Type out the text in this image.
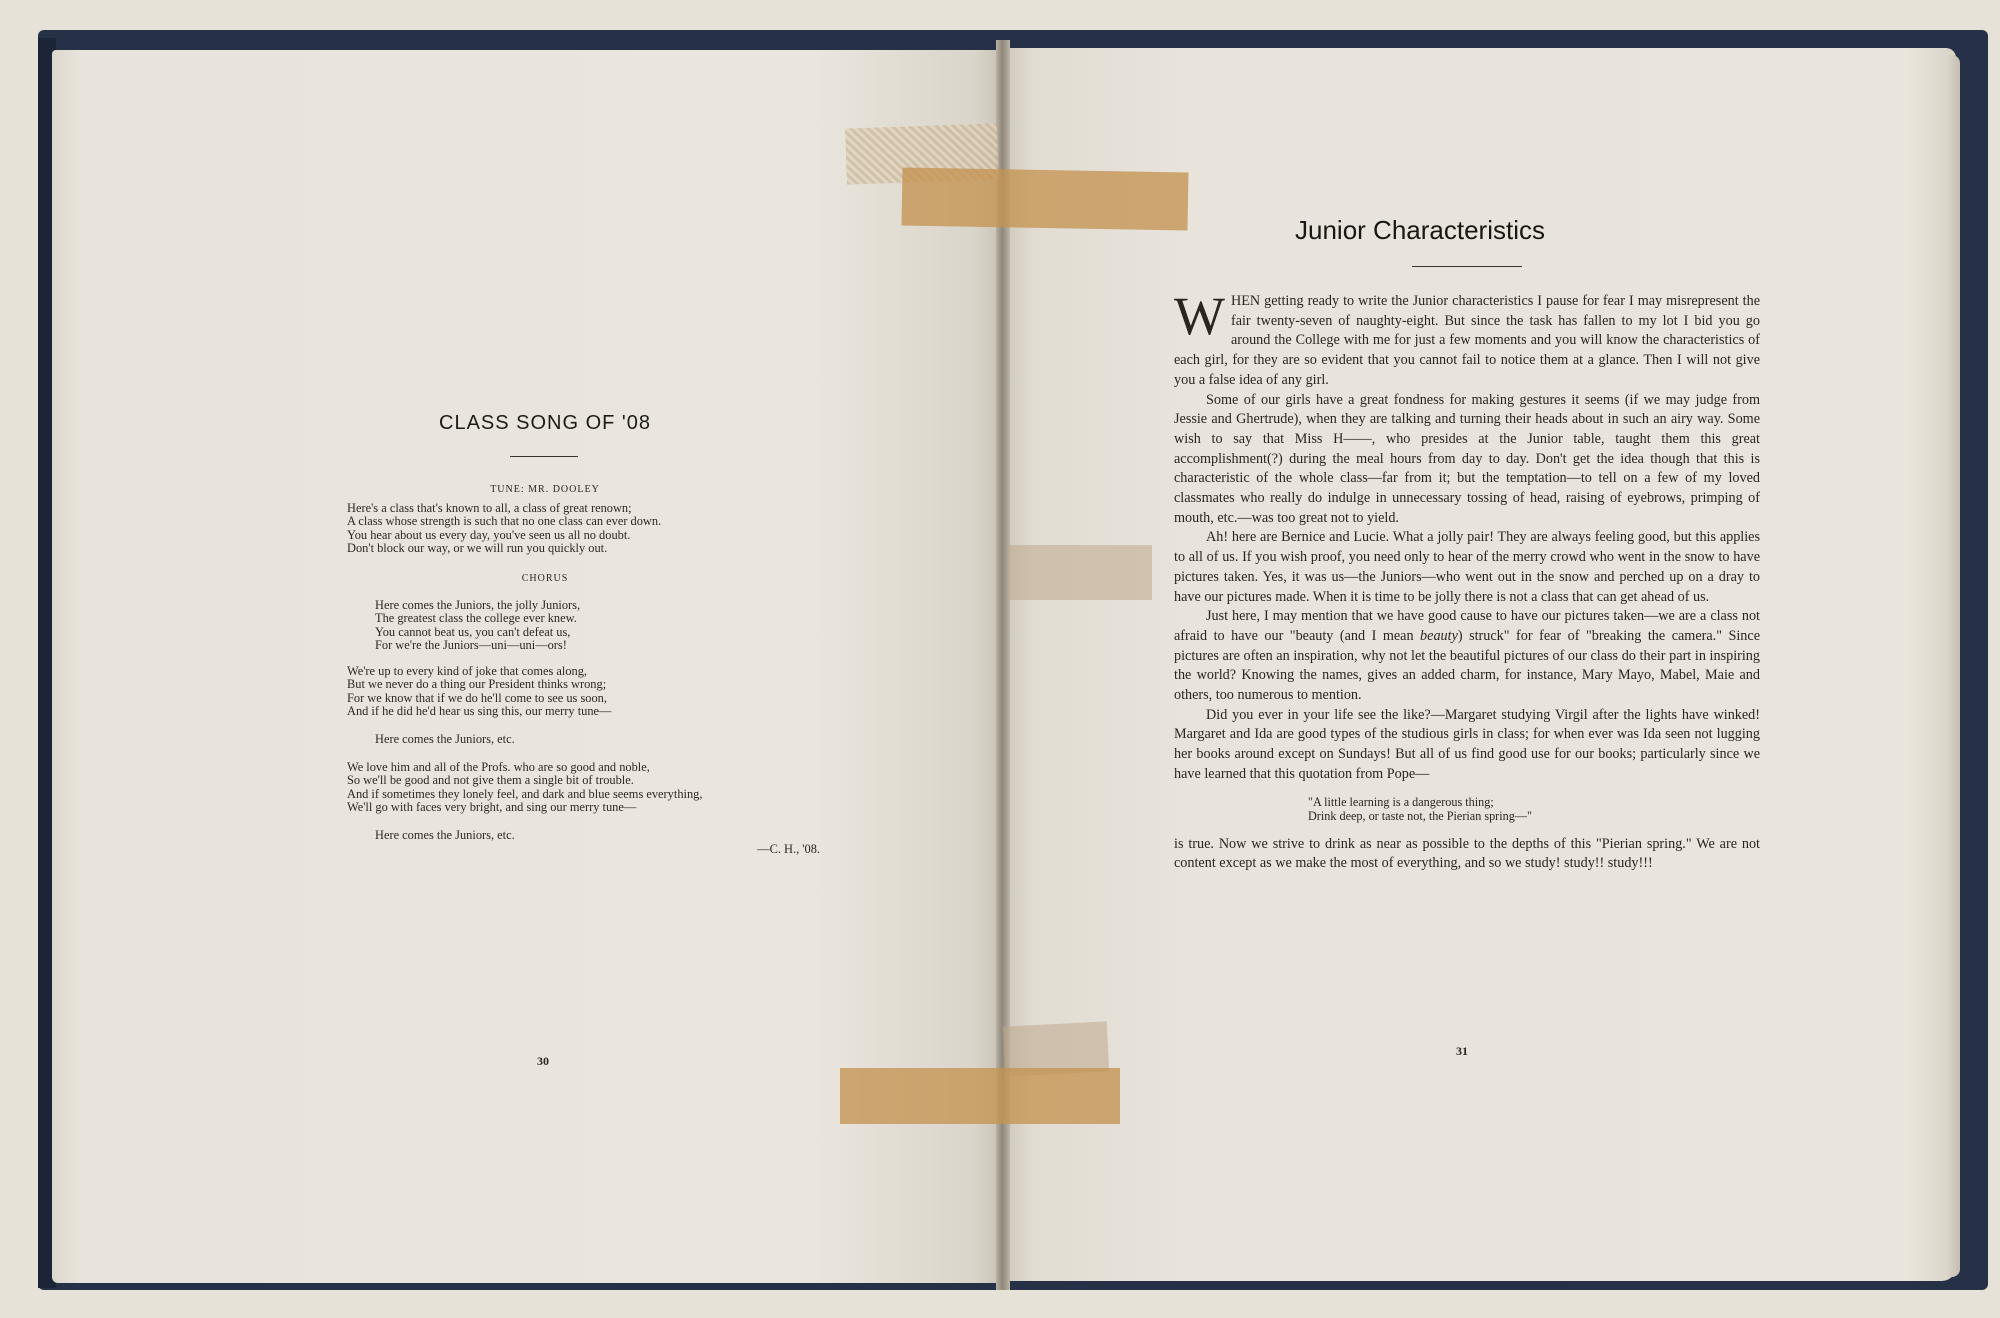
CLASS SONG OF '08
TUNE: MR. DOOLEY
Here's a class that's known to all, a class of great renown;
A class whose strength is such that no one class can ever down.
You hear about us every day, you've seen us all no doubt.
Don't block our way, or we will run you quickly out.
CHORUS
Here comes the Juniors, the jolly Juniors,
The greatest class the college ever knew.
You cannot beat us, you can't defeat us,
For we're the Juniors—uni—uni—ors!
We're up to every kind of joke that comes along,
But we never do a thing our President thinks wrong;
For we know that if we do he'll come to see us soon,
And if he did he'd hear us sing this, our merry tune—
Here comes the Juniors, etc.
We love him and all of the Profs. who are so good and noble,
So we'll be good and not give them a single bit of trouble.
And if sometimes they lonely feel, and dark and blue seems everything,
We'll go with faces very bright, and sing our merry tune—
Here comes the Juniors, etc.
—C. H., '08.
30
Junior Characteristics

WHEN getting ready to write the Junior characteristics I pause for fear I may misrepresent the fair twenty-seven of naughty-eight. But since the task has fallen to my lot I bid you go around the College with me for just a few moments and you will know the characteristics of each girl, for they are so evident that you cannot fail to notice them at a glance. Then I will not give you a false idea of any girl.

Some of our girls have a great fondness for making gestures it seems (if we may judge from Jessie and Ghertrude), when they are talking and turning their heads about in such an airy way. Some wish to say that Miss H——, who presides at the Junior table, taught them this great accomplishment(?) during the meal hours from day to day. Don't get the idea though that this is characteristic of the whole class—far from it; but the temptation—to tell on a few of my loved classmates who really do indulge in unnecessary tossing of head, raising of eyebrows, primping of mouth, etc.—was too great not to yield.

Ah! here are Bernice and Lucie. What a jolly pair! They are always feeling good, but this applies to all of us. If you wish proof, you need only to hear of the merry crowd who went in the snow to have pictures taken. Yes, it was us—the Juniors—who went out in the snow and perched up on a dray to have our pictures made. When it is time to be jolly there is not a class that can get ahead of us.

Just here, I may mention that we have good cause to have our pictures taken—we are a class not afraid to have our "beauty (and I mean beauty) struck" for fear of "breaking the camera." Since pictures are often an inspiration, why not let the beautiful pictures of our class do their part in inspiring the world? Knowing the names, gives an added charm, for instance, Mary Mayo, Mabel, Maie and others, too numerous to mention.

Did you ever in your life see the like?—Margaret studying Virgil after the lights have winked! Margaret and Ida are good types of the studious girls in class; for when ever was Ida seen not lugging her books around except on Sundays! But all of us find good use for our books; particularly since we have learned that this quotation from Pope—

"A little learning is a dangerous thing;
Drink deep, or taste not, the Pierian spring—"

is true. Now we strive to drink as near as possible to the depths of this "Pierian spring." We are not content except as we make the most of everything, and so we study! study!! study!!!

31
